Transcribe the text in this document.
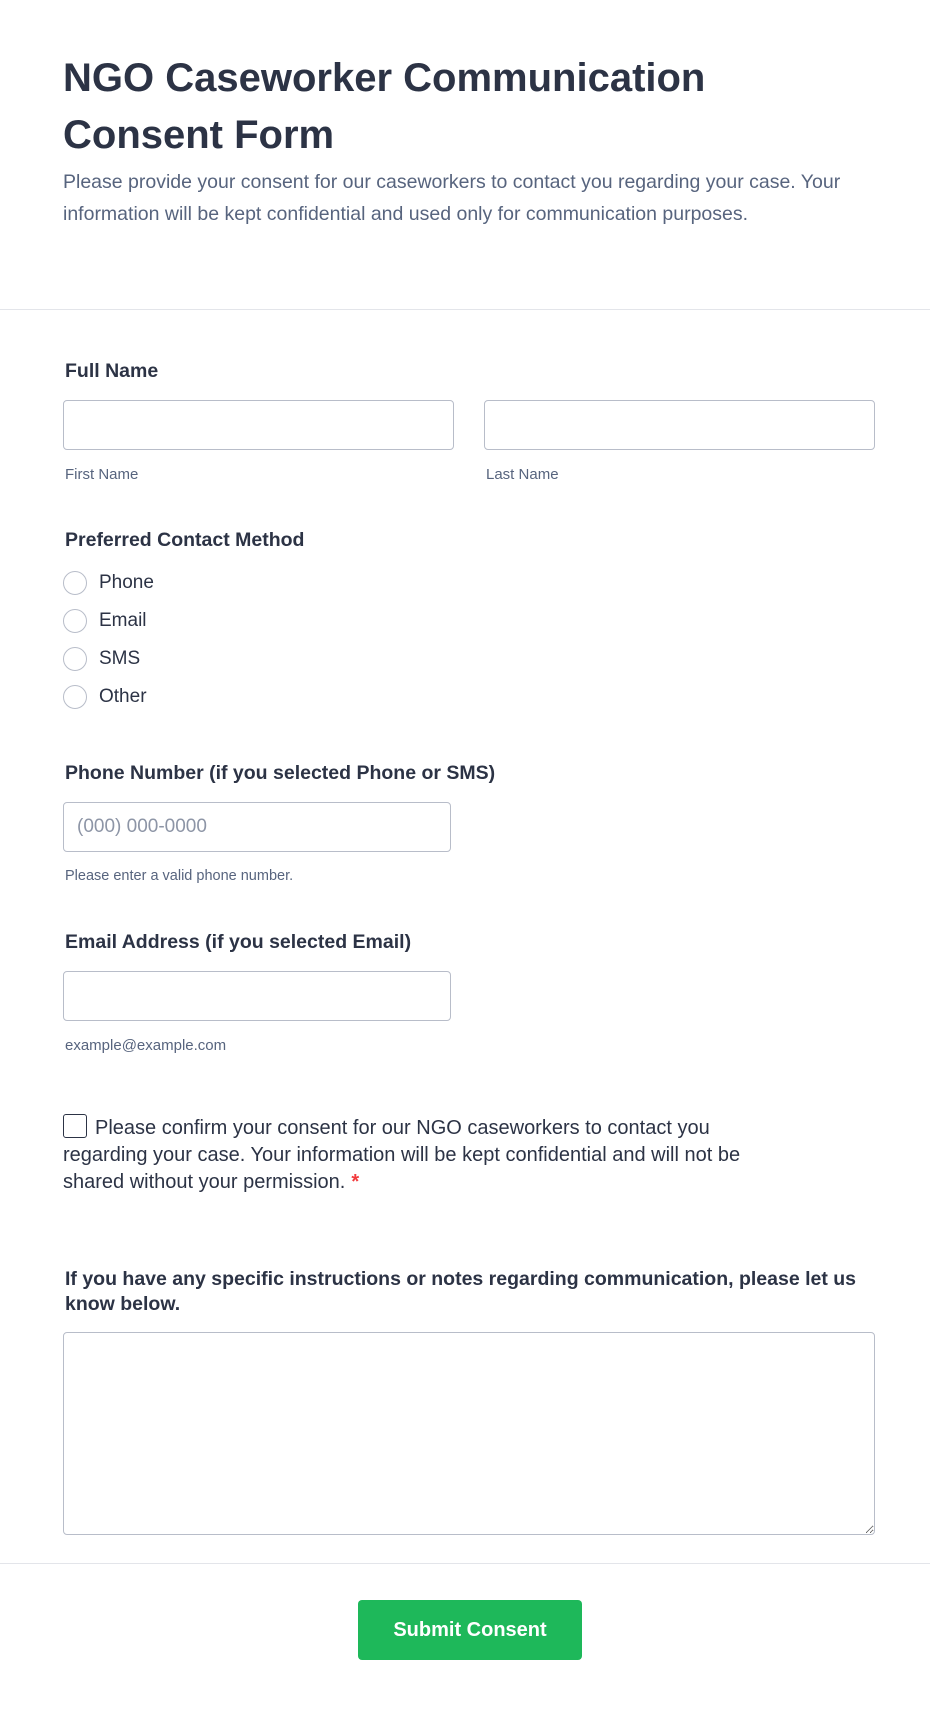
NGO Caseworker Communication Consent Form

Please provide your consent for our caseworkers to contact you regarding your case. Your information will be kept confidential and used only for communication purposes.

Full Name
First Name	Last Name
Preferred Contact Method
Phone
Email
SMS
Other
Phone Number (if you selected Phone or SMS)
(000) 000-0000
Please enter a valid phone number.
Email Address (if you selected Email)
example@example.com
Please confirm your consent for our NGO caseworkers to contact you regarding your case. Your information will be kept confidential and will not be shared without your permission. *
If you have any specific instructions or notes regarding communication, please let us know below.
Submit Consent
